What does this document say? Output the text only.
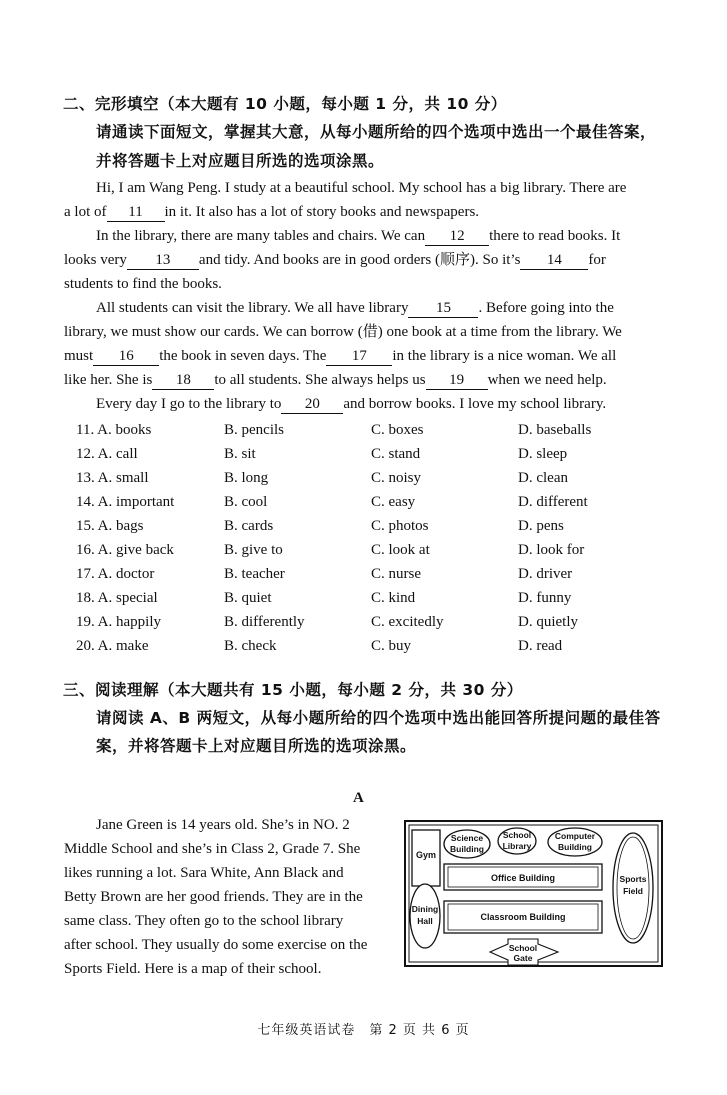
二、完形填空（本大题有 10 小题，每小题 1 分，共 10 分）
请通读下面短文，掌握其大意，从每小题所给的四个选项中选出一个最佳答案，
并将答题卡上对应题目所选的选项涂黑。
Hi, I am Wang Peng. I study at a beautiful school. My school has a big library. There are
a lot of 11 in it. It also has a lot of story books and newspapers.
In the library, there are many tables and chairs. We can 12 there to read books. It
looks very 13 and tidy. And books are in good orders (顺序). So it’s 14 for
students to find the books.
All students can visit the library. We all have library 15 . Before going into the
library, we must show our cards. We can borrow (借) one book at a time from the library. We
must 16 the book in seven days. The 17 in the library is a nice woman. We all
like her. She is 18 to all students. She always helps us 19 when we need help.
Every day I go to the library to 20 and borrow books. I love my school library.
11. A. books	B. pencils	C. boxes	D. baseballs
12. A. call	B. sit	C. stand	D. sleep
13. A. small	B. long	C. noisy	D. clean
14. A. important	B. cool	C. easy	D. different
15. A. bags	B. cards	C. photos	D. pens
16. A. give back	B. give to	C. look at	D. look for
17. A. doctor	B. teacher	C. nurse	D. driver
18. A. special	B. quiet	C. kind	D. funny
19. A. happily	B. differently	C. excitedly	D. quietly
20. A. make	B. check	C. buy	D. read
三、阅读理解（本大题共有 15 小题，每小题 2 分，共 30 分）
请阅读 A、B 两短文，从每小题所给的四个选项中选出能回答所提问题的最佳答
案，并将答题卡上对应题目所选的选项涂黑。
A
Jane Green is 14 years old. She’s in NO. 2
Middle School and she’s in Class 2, Grade 7. She
likes running a lot. Sara White, Ann Black and
Betty Brown are her good friends. They are in the
same class. They often go to the school library
after school. They usually do some exercise on the
Sports Field. Here is a map of their school.
Gym
Science
Building
School
Library
Computer
Building
Office Building	Sports
Field
Dining
Hall	Classroom Building
School
Gate
七年级英语试卷　第 2 页 共 6 页
